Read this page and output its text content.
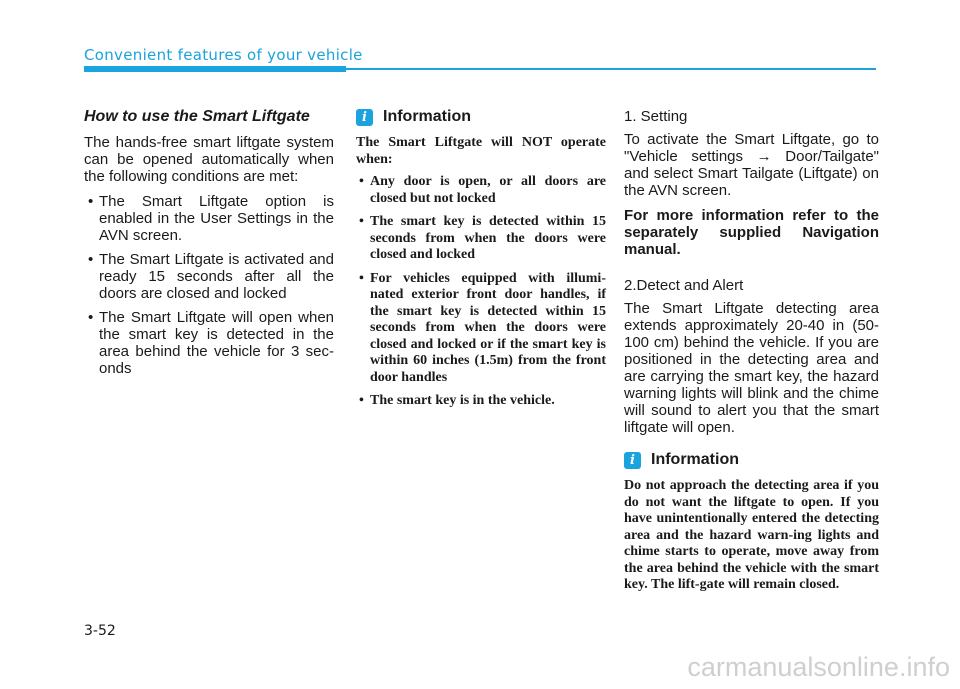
Convenient features of your vehicle
How to use the Smart Liftgate

The hands-free smart liftgate system can be opened automatically when the following conditions are met:

• The Smart Liftgate option is enabled in the User Settings in the AVN screen.
• The Smart Liftgate is activated and ready 15 seconds after all the doors are closed and locked
• The Smart Liftgate will open when the smart key is detected in the area behind the vehicle for 3 sec-onds
i	Information

The Smart Liftgate will NOT operate when:

• Any door is open, or all doors are closed but not locked
• The smart key is detected within 15 seconds from when the doors were closed and locked
• For vehicles equipped with illumi-nated exterior front door handles, if the smart key is detected within 15 seconds from when the doors were closed and locked or if the smart key is within 60 inches (1.5m) from the front door handles
• The smart key is in the vehicle.
1. Setting

To activate the Smart Liftgate, go to "Vehicle settings → Door/Tailgate" and select Smart Tailgate (Liftgate) on the AVN screen.

For more information refer to the separately supplied Navigation manual.

2.Detect and Alert

The Smart Liftgate detecting area extends approximately 20-40 in (50-100 cm) behind the vehicle. If you are positioned in the detecting area and are carrying the smart key, the hazard warning lights will blink and the chime will sound to alert you that the smart liftgate will open.

i	Information

Do not approach the detecting area if you do not want the liftgate to open. If you have unintentionally entered the detecting area and the hazard warn-ing lights and chime starts to operate, move away from the area behind the vehicle with the smart key. The lift-gate will remain closed.

3-52
carmanualsonline.info
